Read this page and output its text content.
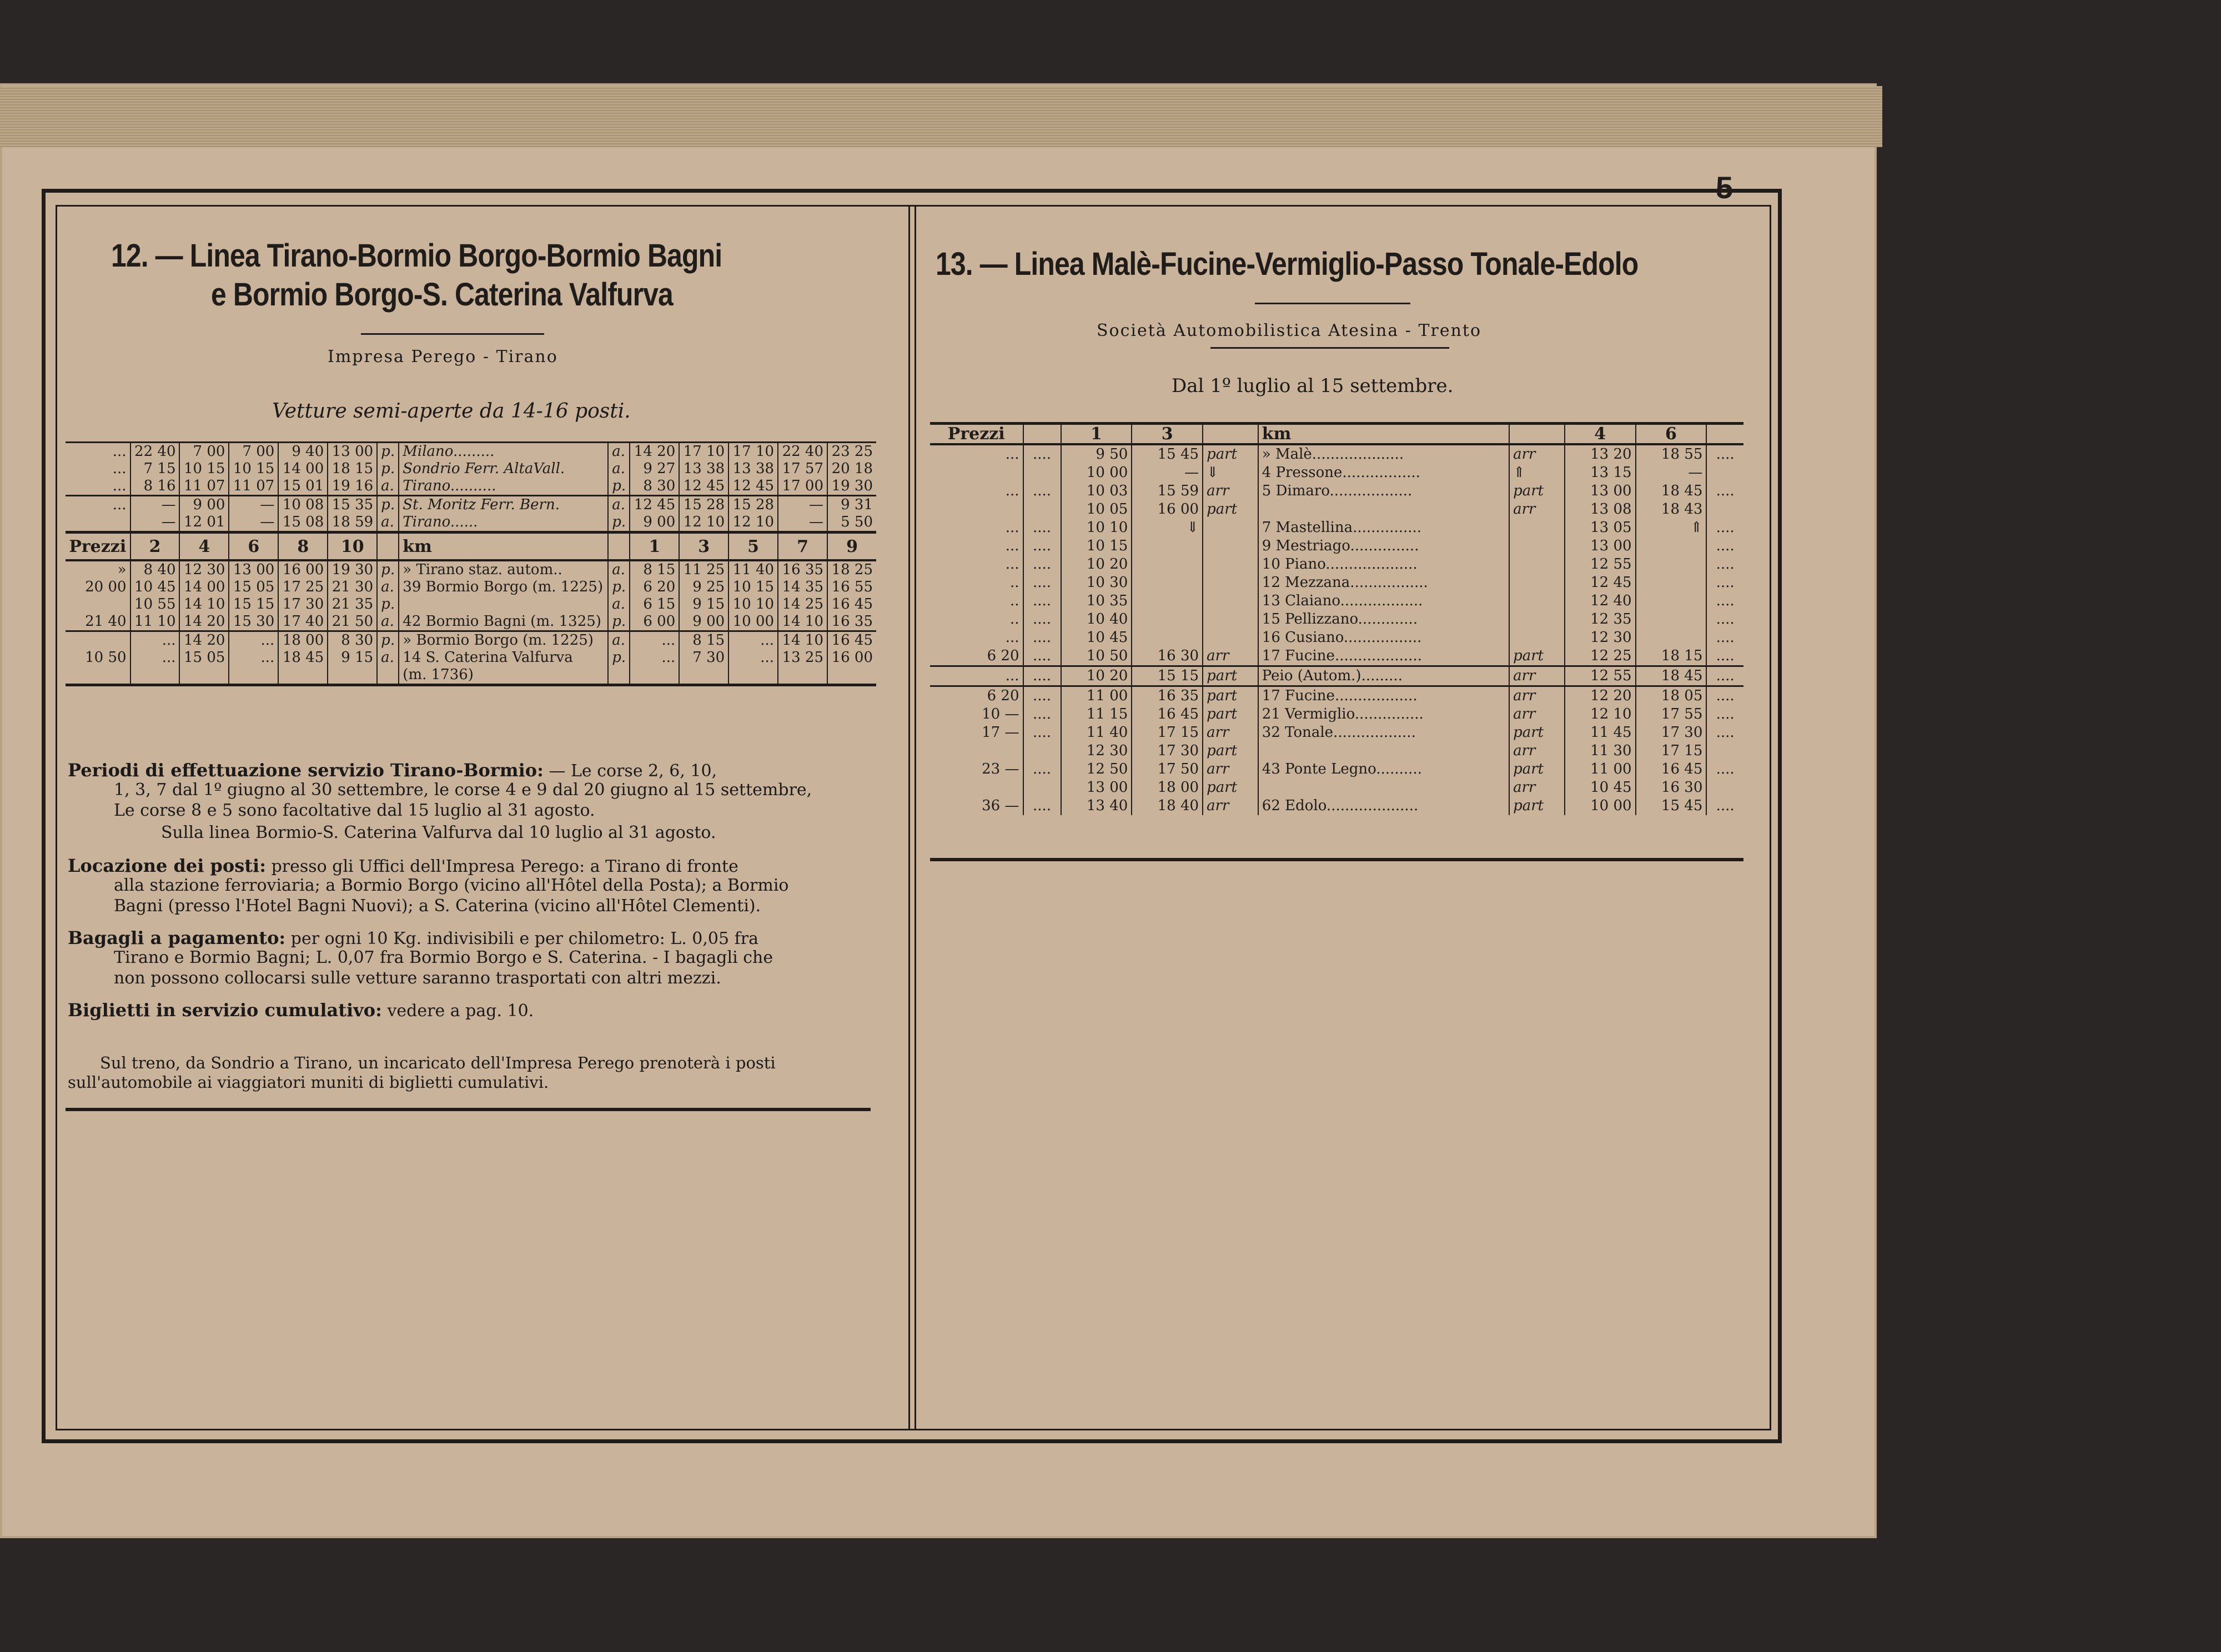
5
12. — Linea Tirano-Bormio Borgo-Bormio Bagni
e Bormio Borgo-S. Caterina Valfurva
Impresa Perego - Tirano
Vetture semi-aperte da 14-16 posti.
...	22 40	7 00	7 00	9 40	13 00	p.	Milano.........	a.	14 20	17 10	17 10	22 40	23 25
...	7 15	10 15	10 15	14 00	18 15	p.	Sondrio Ferr. AltaVall.	a.	9 27	13 38	13 38	17 57	20 18
...	8 16	11 07	11 07	15 01	19 16	a.	Tirano..........	p.	8 30	12 45	12 45	17 00	19 30
...	—	9 00	—	10 08	15 35	p.	St. Moritz Ferr. Bern.	a.	12 45	15 28	15 28	—	9 31
	—	12 01	—	15 08	18 59	a.	Tirano......	p.	9 00	12 10	12 10	—	5 50
Prezzi	2	4	6	8	10		km		1	3	5	7	9
»	8 40	12 30	13 00	16 00	19 30	p.	» Tirano staz. autom..	a.	8 15	11 25	11 40	16 35	18 25
20 00	10 45	14 00	15 05	17 25	21 30	a.	39 Bormio Borgo (m. 1225)	p.	6 20	9 25	10 15	14 35	16 55
	10 55	14 10	15 15	17 30	21 35	p.		a.	6 15	9 15	10 10	14 25	16 45
21 40	11 10	14 20	15 30	17 40	21 50	a.	42 Bormio Bagni (m. 1325)	p.	6 00	9 00	10 00	14 10	16 35
	...	14 20	...	18 00	8 30	p.	» Bormio Borgo (m. 1225)	a.	...	8 15	...	14 10	16 45
10 50	...	15 05	...	18 45	9 15	a.	14 S. Caterina Valfurva	p.	...	7 30	...	13 25	16 00
							(m. 1736)						
Periodi di effettuazione servizio Tirano-Bormio: — Le corse 2, 6, 10,
1, 3, 7 dal 1º giugno al 30 settembre, le corse 4 e 9 dal 20 giugno al 15 settembre,
Le corse 8 e 5 sono facoltative dal 15 luglio al 31 agosto.
Sulla linea Bormio-S. Caterina Valfurva dal 10 luglio al 31 agosto.
Locazione dei posti: presso gli Uffici dell'Impresa Perego: a Tirano di fronte
alla stazione ferroviaria; a Bormio Borgo (vicino all'Hôtel della Posta); a Bormio
Bagni (presso l'Hotel Bagni Nuovi); a S. Caterina (vicino all'Hôtel Clementi).
Bagagli a pagamento: per ogni 10 Kg. indivisibili e per chilometro: L. 0,05 fra
Tirano e Bormio Bagni; L. 0,07 fra Bormio Borgo e S. Caterina. - I bagagli che
non possono collocarsi sulle vetture saranno trasportati con altri mezzi.
Biglietti in servizio cumulativo: vedere a pag. 10.
Sul treno, da Sondrio a Tirano, un incaricato dell'Impresa Perego prenoterà i posti
sull'automobile ai viaggiatori muniti di biglietti cumulativi.
13. — Linea Malè-Fucine-Vermiglio-Passo Tonale-Edolo
Società Automobilistica Atesina - Trento
Dal 1º luglio al 15 settembre.
Prezzi		1	3		km		4	6	
...	....	9 50	15 45	part	» Malè....................	arr	13 20	18 55	....
		10 00	—	⇓	4 Pressone.................	⇑	13 15	—	
...	....	10 03	15 59	arr	5 Dimaro..................	part	13 00	18 45	....
		10 05	16 00	part		arr	13 08	18 43	
...	....	10 10	⇓		7 Mastellina...............		13 05	⇑	....
...	....	10 15			9 Mestriago...............		13 00		....
...	....	10 20			10 Piano....................		12 55		....
..	....	10 30			12 Mezzana.................		12 45		....
..	....	10 35			13 Claiano..................		12 40		....
..	....	10 40			15 Pellizzano.............		12 35		....
...	....	10 45			16 Cusiano.................		12 30		....
6 20	....	10 50	16 30	arr	17 Fucine...................	part	12 25	18 15	....
...	....	10 20	15 15	part	Peio (Autom.).........	arr	12 55	18 45	....
6 20	....	11 00	16 35	part	17 Fucine..................	arr	12 20	18 05	....
10 —	....	11 15	16 45	part	21 Vermiglio...............	arr	12 10	17 55	....
17 —	....	11 40	17 15	arr	32 Tonale..................	part	11 45	17 30	....
		12 30	17 30	part		arr	11 30	17 15	
23 —	....	12 50	17 50	arr	43 Ponte Legno..........	part	11 00	16 45	....
		13 00	18 00	part		arr	10 45	16 30	
36 —	....	13 40	18 40	arr	62 Edolo....................	part	10 00	15 45	....
